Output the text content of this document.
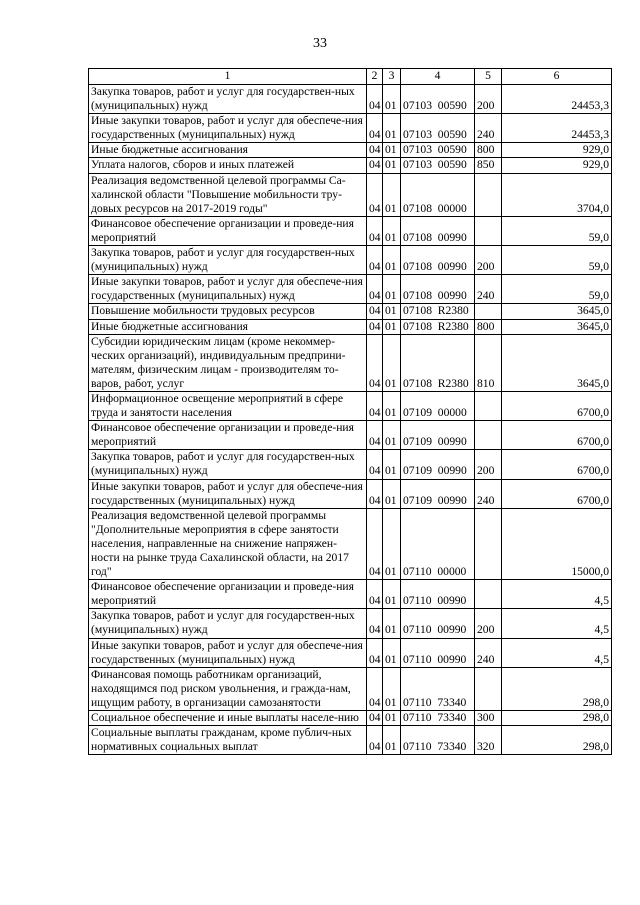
33
1	2	3	4	5	6
Закупка товаров, работ и услуг для государствен-ных (муниципальных) нужд	04	01	07103  00590	200	24453,3
Иные закупки товаров, работ и услуг для обеспече-ния государственных (муниципальных) нужд	04	01	07103  00590	240	24453,3
Иные бюджетные ассигнования	04	01	07103  00590	800	929,0
Уплата налогов, сборов и иных платежей	04	01	07103  00590	850	929,0
Реализация ведомственной целевой программы Са-халинской области "Повышение мобильности тру-довых ресурсов на 2017-2019 годы"	04	01	07108  00000		3704,0
Финансовое обеспечение организации и проведе-ния мероприятий	04	01	07108  00990		59,0
Закупка товаров, работ и услуг для государствен-ных (муниципальных) нужд	04	01	07108  00990	200	59,0
Иные закупки товаров, работ и услуг для обеспече-ния государственных (муниципальных) нужд	04	01	07108  00990	240	59,0
Повышение мобильности трудовых ресурсов	04	01	07108  R2380		3645,0
Иные бюджетные ассигнования	04	01	07108  R2380	800	3645,0
Субсидии юридическим лицам (кроме некоммер-ческих организаций), индивидуальным предприни-мателям, физическим лицам - производителям то-варов, работ, услуг	04	01	07108  R2380	810	3645,0
Информационное освещение мероприятий в сфере труда и занятости населения	04	01	07109  00000		6700,0
Финансовое обеспечение организации и проведе-ния мероприятий	04	01	07109  00990		6700,0
Закупка товаров, работ и услуг для государствен-ных (муниципальных) нужд	04	01	07109  00990	200	6700,0
Иные закупки товаров, работ и услуг для обеспече-ния государственных (муниципальных) нужд	04	01	07109  00990	240	6700,0
Реализация ведомственной целевой программы "Дополнительные мероприятия в сфере занятости населения, направленные на снижение напряжен-ности на рынке труда Сахалинской области, на 2017 год"	04	01	07110  00000		15000,0
Финансовое обеспечение организации и проведе-ния мероприятий	04	01	07110  00990		4,5
Закупка товаров, работ и услуг для государствен-ных (муниципальных) нужд	04	01	07110  00990	200	4,5
Иные закупки товаров, работ и услуг для обеспече-ния государственных (муниципальных) нужд	04	01	07110  00990	240	4,5
Финансовая помощь работникам организаций, находящимся под риском увольнения, и гражда-нам, ищущим работу, в организации самозанятости	04	01	07110  73340		298,0
Социальное обеспечение и иные выплаты населе-нию	04	01	07110  73340	300	298,0
Социальные выплаты гражданам, кроме публич-ных нормативных социальных выплат	04	01	07110  73340	320	298,0
